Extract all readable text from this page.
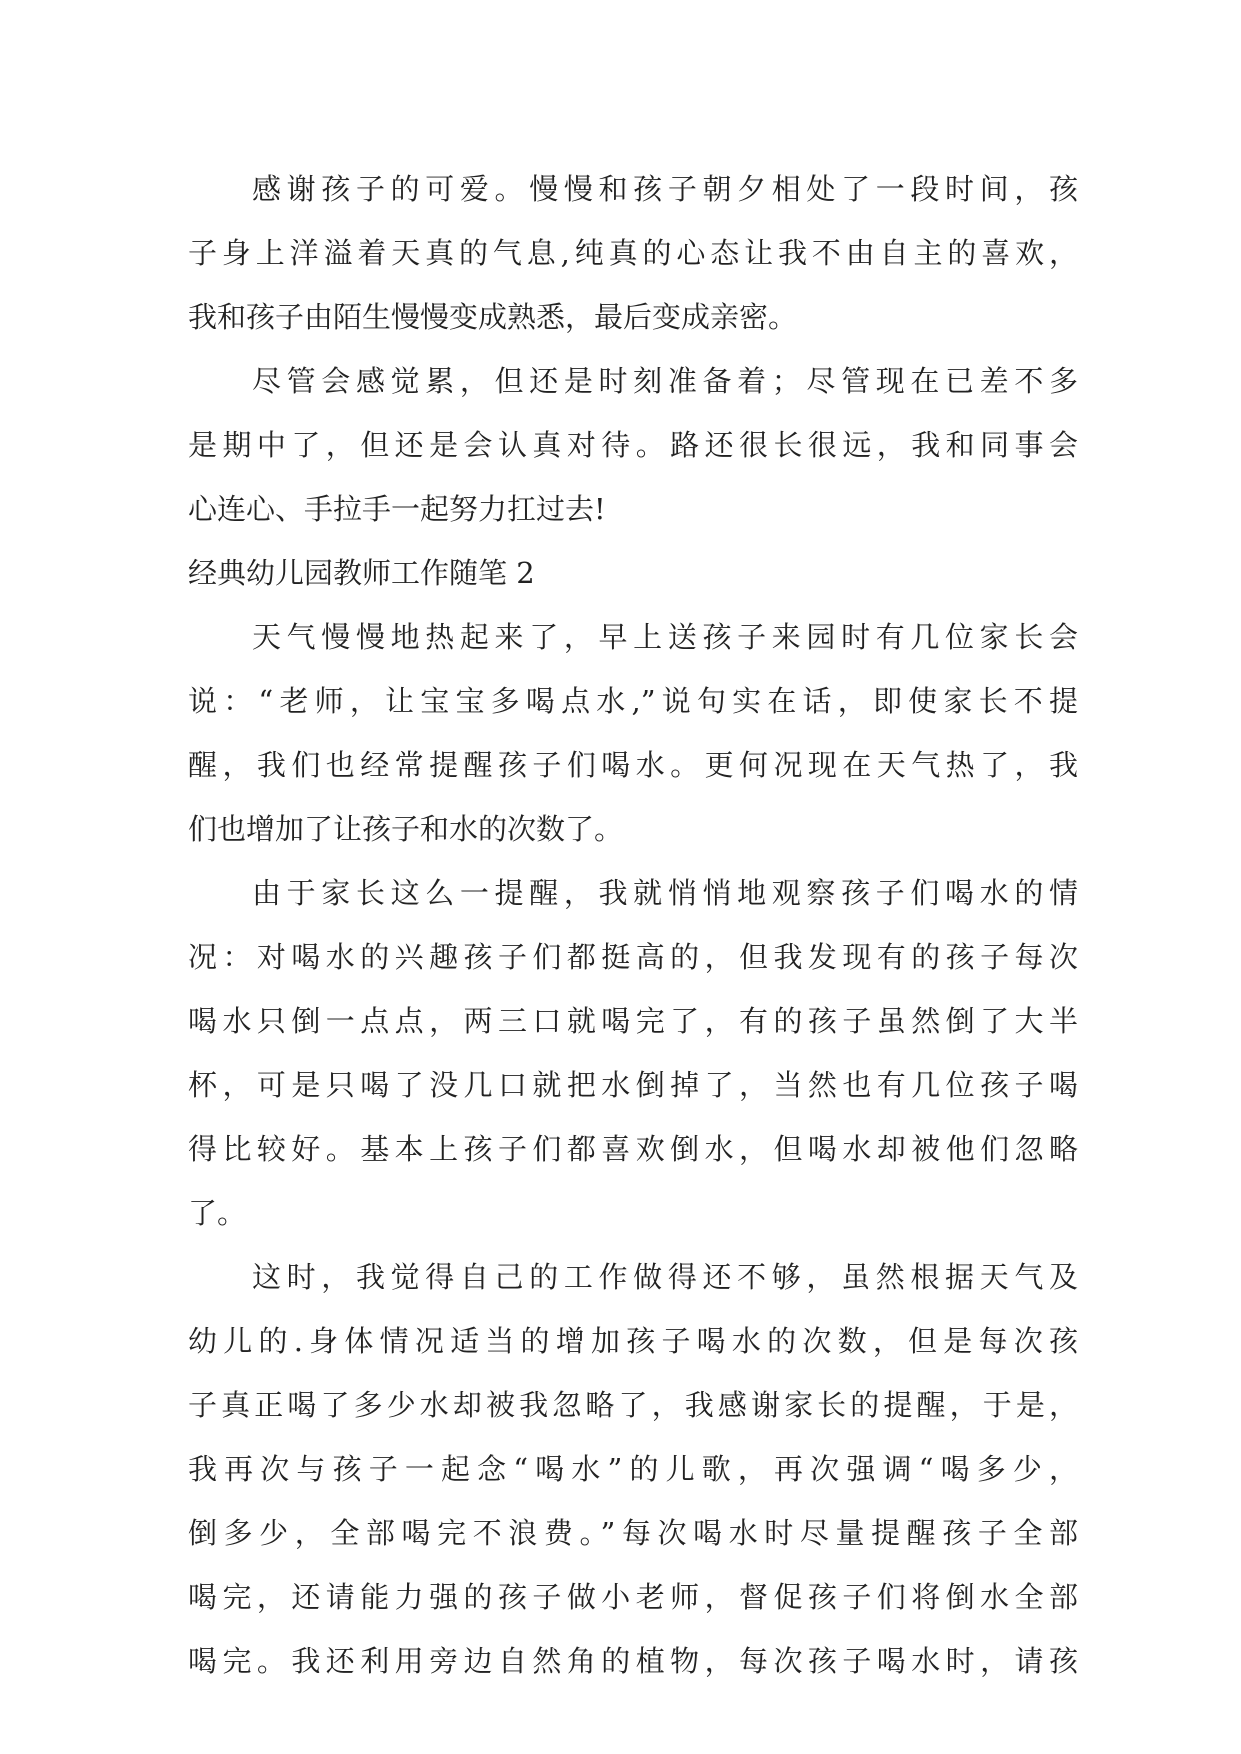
感谢孩子的可爱。慢慢和孩子朝夕相处了一段时间，孩
子身上洋溢着天真的气息,纯真的心态让我不由自主的喜欢，
我和孩子由陌生慢慢变成熟悉，最后变成亲密。
尽管会感觉累，但还是时刻准备着；尽管现在已差不多
是期中了，但还是会认真对待。路还很长很远，我和同事会
心连心、手拉手一起努力扛过去!
经典幼儿园教师工作随笔 2
天气慢慢地热起来了，早上送孩子来园时有几位家长会
说：“老师，让宝宝多喝点水,”说句实在话，即使家长不提
醒，我们也经常提醒孩子们喝水。更何况现在天气热了，我
们也增加了让孩子和水的次数了。
由于家长这么一提醒，我就悄悄地观察孩子们喝水的情
况：对喝水的兴趣孩子们都挺高的，但我发现有的孩子每次
喝水只倒一点点，两三口就喝完了，有的孩子虽然倒了大半
杯，可是只喝了没几口就把水倒掉了，当然也有几位孩子喝
得比较好。基本上孩子们都喜欢倒水，但喝水却被他们忽略
了。
这时，我觉得自己的工作做得还不够，虽然根据天气及
幼儿的.身体情况适当的增加孩子喝水的次数，但是每次孩
子真正喝了多少水却被我忽略了，我感谢家长的提醒，于是，
我再次与孩子一起念“喝水”的儿歌，再次强调“喝多少，
倒多少，全部喝完不浪费。”每次喝水时尽量提醒孩子全部
喝完，还请能力强的孩子做小老师，督促孩子们将倒水全部
喝完。我还利用旁边自然角的植物，每次孩子喝水时，请孩
